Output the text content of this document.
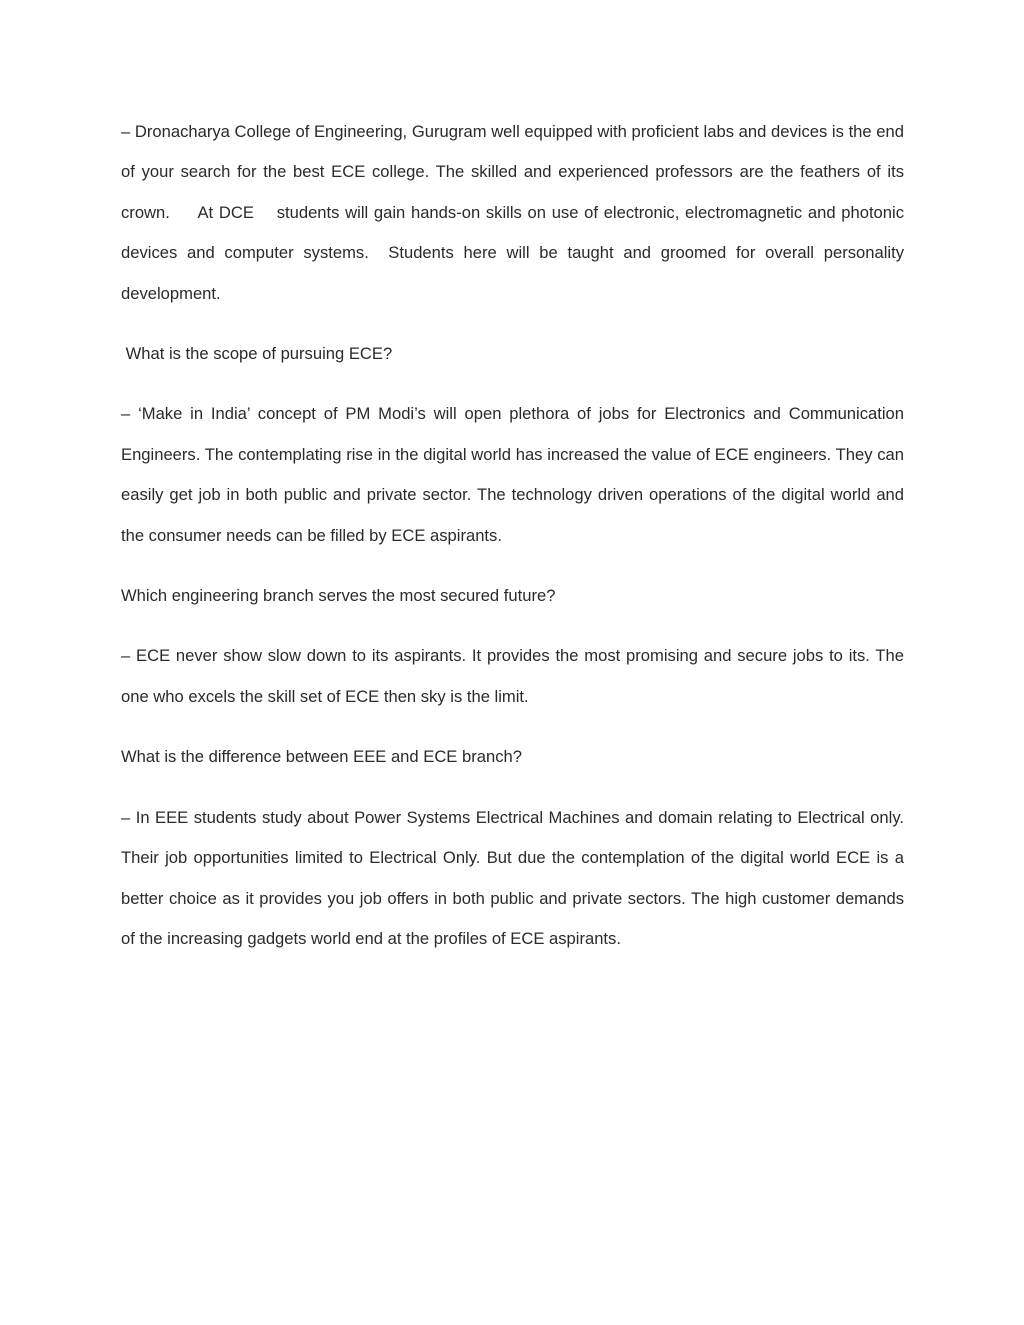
– Dronacharya College of Engineering, Gurugram well equipped with proficient labs and devices is the end of your search for the best ECE college. The skilled and experienced professors are the feathers of its crown.     At DCE    students will gain hands-on skills on use of electronic, electromagnetic and photonic devices and computer systems.  Students here will be taught and groomed for overall personality development.

What is the scope of pursuing ECE?

– ‘Make in India’ concept of PM Modi’s will open plethora of jobs for Electronics and Communication Engineers. The contemplating rise in the digital world has increased the value of ECE engineers. They can easily get job in both public and private sector. The technology driven operations of the digital world and the consumer needs can be filled by ECE aspirants.

Which engineering branch serves the most secured future?

– ECE never show slow down to its aspirants. It provides the most promising and secure jobs to its. The one who excels the skill set of ECE then sky is the limit.

What is the difference between EEE and ECE branch?

– In EEE students study about Power Systems Electrical Machines and domain relating to Electrical only. Their job opportunities limited to Electrical Only. But due the contemplation of the digital world ECE is a better choice as it provides you job offers in both public and private sectors. The high customer demands of the increasing gadgets world end at the profiles of ECE aspirants.
